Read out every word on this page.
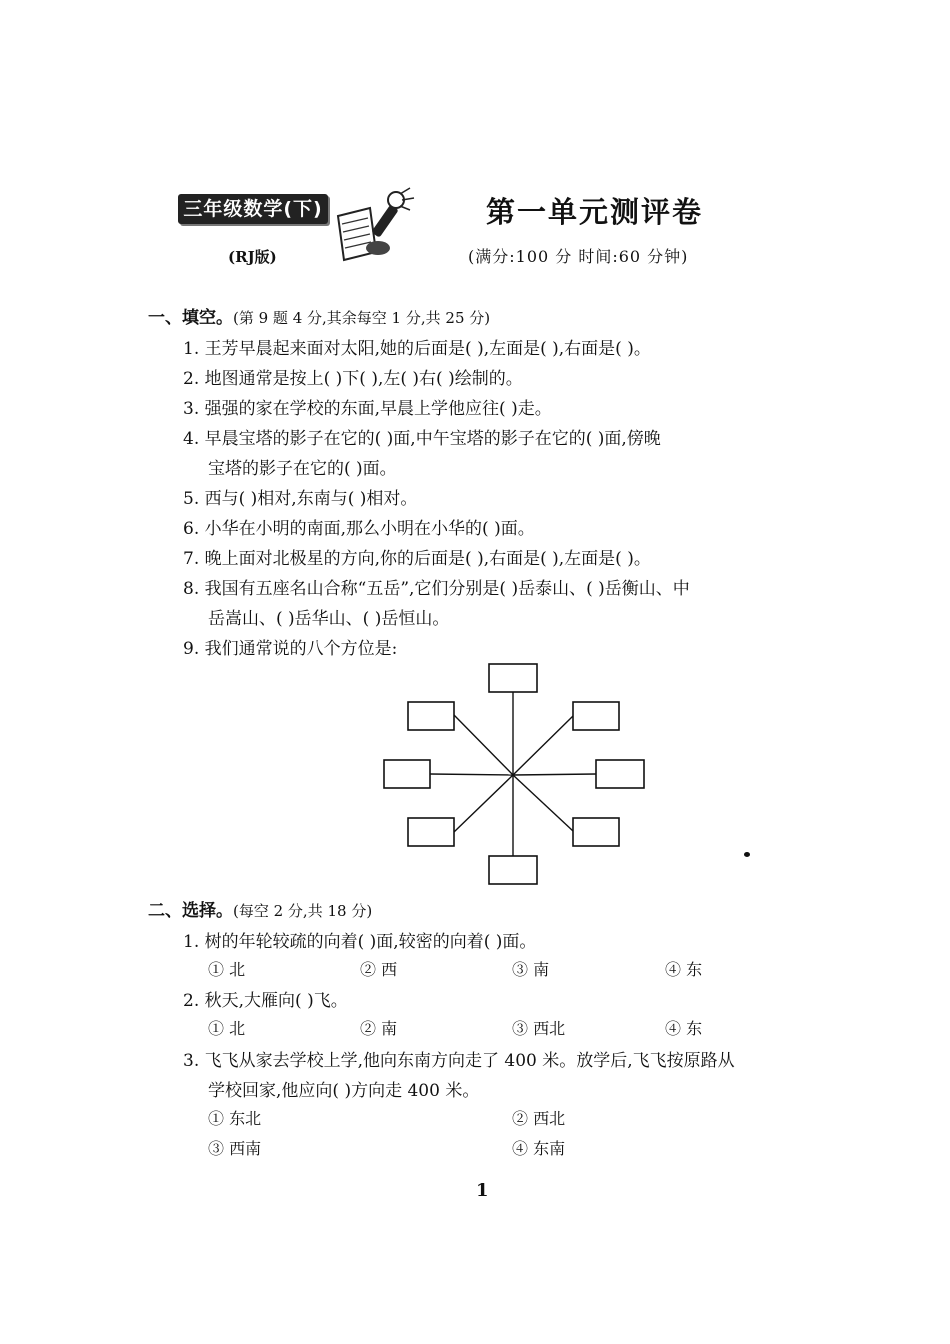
三年级数学(下)
(RJ版)
第一单元测评卷
(满分:100 分 时间:60 分钟)
一、填空。(第 9 题 4 分,其余每空 1 分,共 25 分)
1. 王芳早晨起来面对太阳,她的后面是( ),左面是( ),右面是( )。
2. 地图通常是按上( )下( ),左( )右( )绘制的。
3. 强强的家在学校的东面,早晨上学他应往( )走。
4. 早晨宝塔的影子在它的( )面,中午宝塔的影子在它的( )面,傍晚
宝塔的影子在它的( )面。
5. 西与( )相对,东南与( )相对。
6. 小华在小明的南面,那么小明在小华的( )面。
7. 晚上面对北极星的方向,你的后面是( ),右面是( ),左面是( )。
8. 我国有五座名山合称“五岳”,它们分别是( )岳泰山、( )岳衡山、中
岳嵩山、( )岳华山、( )岳恒山。
9. 我们通常说的八个方位是:
二、选择。(每空 2 分,共 18 分)
1. 树的年轮较疏的向着( )面,较密的向着( )面。
① 北	② 西	③ 南	④ 东
2. 秋天,大雁向( )飞。
① 北	② 南	③ 西北	④ 东
3. 飞飞从家去学校上学,他向东南方向走了 400 米。放学后,飞飞按原路从
学校回家,他应向( )方向走 400 米。
① 东北	② 西北
③ 西南	④ 东南
1
